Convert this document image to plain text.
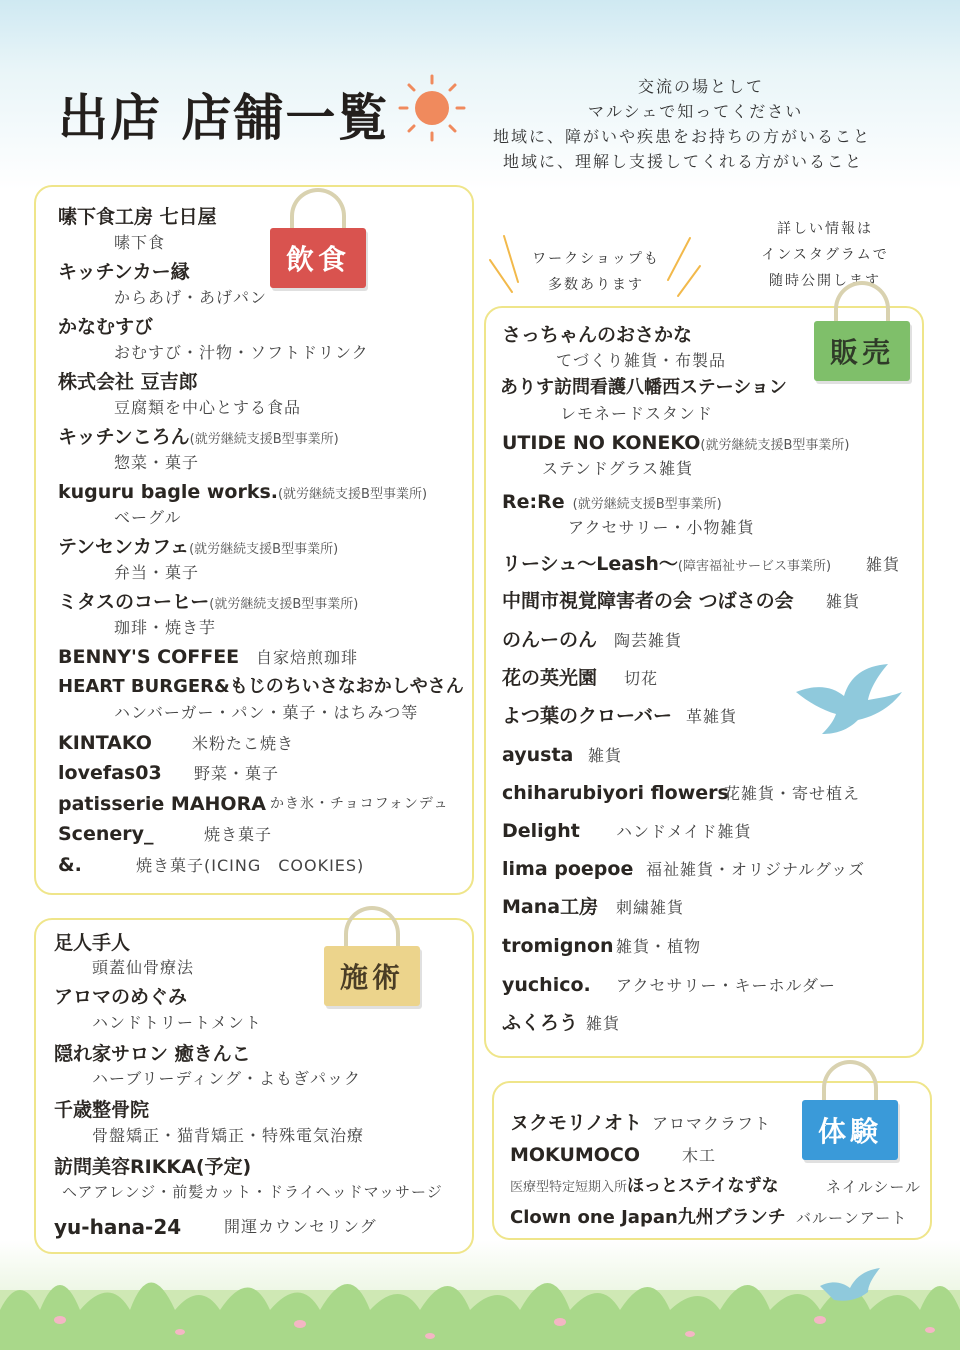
出店 店舗一覧
交流の場として
マルシェで知ってください
地域に、障がいや疾患をお持ちの方がいること
地域に、理解し支援してくれる方がいること
ワークショップも
多数あります
詳しい情報は
インスタグラムで
随時公開します
飲食
嗉下食工房 七日屋
嗉下食
キッチンカー縁
からあげ・あげパン
かなむすび
おむすび・汁物・ソフトドリンク
株式会社 豆吉郎
豆腐類を中心とする食品
キッチンころん(就労継続支援B型事業所)
惣菜・菓子
kuguru bagle works.(就労継続支援B型事業所)
ベーグル
テンセンカフェ(就労継続支援B型事業所)
弁当・菓子
ミタスのコーヒー(就労継続支援B型事業所)
珈琲・焼き芋
BENNY'S COFFEE 自家焙煎珈琲
HEART BURGER&もじのちいさなおかしやさん
ハンバーガー・パン・菓子・はちみつ等
KINTAKO	米粉たこ焼き
lovefas03 野菜・菓子
patisserie MAHORA かき氷・チョコフォンデュ
Scenery_	焼き菓子
&.	焼き菓子(ICING　COOKIES)
施術
足人手人
頭蓋仙骨療法
アロマのめぐみ
ハンドトリートメント
隠れ家サロン 癒きんこ
ハーブリーディング・よもぎパック
千歳整骨院
骨盤矯正・猫背矯正・特殊電気治療
訪問美容RIKKA(予定)
ヘアアレンジ・前髪カット・ドライヘッドマッサージ
yu-hana-24	開運カウンセリング
販売
さっちゃんのおさかな
てづくり雑貨・布製品
ありす訪問看護八幡西ステーション
レモネードスタンド
UTIDE NO KONEKO(就労継続支援B型事業所)
ステンドグラス雑貨
Re:Re (就労継続支援B型事業所)
アクセサリー・小物雑貨
リーシュ～Leash～(障害福祉サービス事業所) 雑貨
中間市視覚障害者の会 つばさの会 雑貨
のんーのん 陶芸雑貨
花の英光園 切花
よつ葉のクローバー 革雑貨
ayusta 雑貨
chiharubiyori flowers
花雑貨・寄せ植え
Delight ハンドメイド雑貨
lima poepoe 福祉雑貨・オリジナルグッズ
Mana工房 刺繍雑貨
tromignon 雑貨・植物
yuchico. アクセサリー・キーホルダー
ふくろう 雑貨
体験
ヌクモリノオト アロマクラフト
MOKUMOCO	木工
医療型特定短期入所ほっとステイなずな	ネイルシール
Clown one Japan九州ブランチ バルーンアート
